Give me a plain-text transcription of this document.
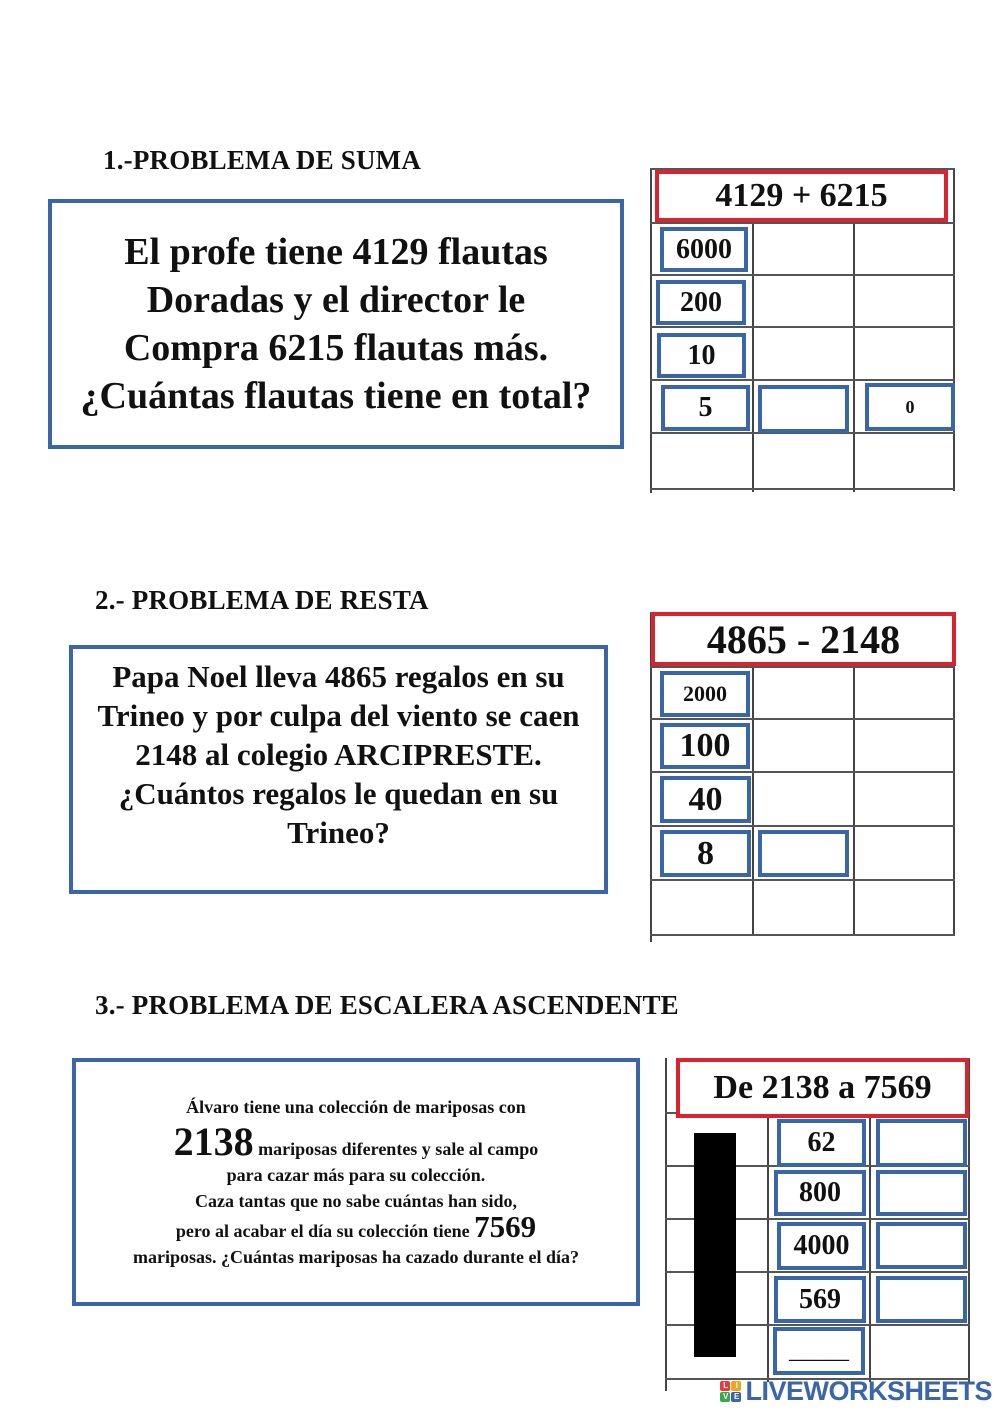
1.-PROBLEMA DE SUMA
El profe tiene 4129 flautas
Doradas y el director le
Compra 6215 flautas más.
¿Cuántas flautas tiene en total?
4129 + 6215
6000
200
10
5	0
2.- PROBLEMA DE RESTA
Papa Noel lleva 4865 regalos en su
Trineo y por culpa del viento se caen
2148 al colegio ARCIPRESTE.
¿Cuántos regalos le quedan en su
Trineo?
4865 - 2148
2000
100
40
8
3.- PROBLEMA DE ESCALERA ASCENDENTE
Álvaro tiene una colección de mariposas con
2138 mariposas diferentes y sale al campo
para cazar más para su colección.
Caza tantas que no sabe cuántas han sido,
pero al acabar el día su colección tiene 7569
mariposas. ¿Cuántas mariposas ha cazado durante el día?
De 2138 a 7569
62
800
4000
569
_____
L I
V E LIVEWORKSHEETS
